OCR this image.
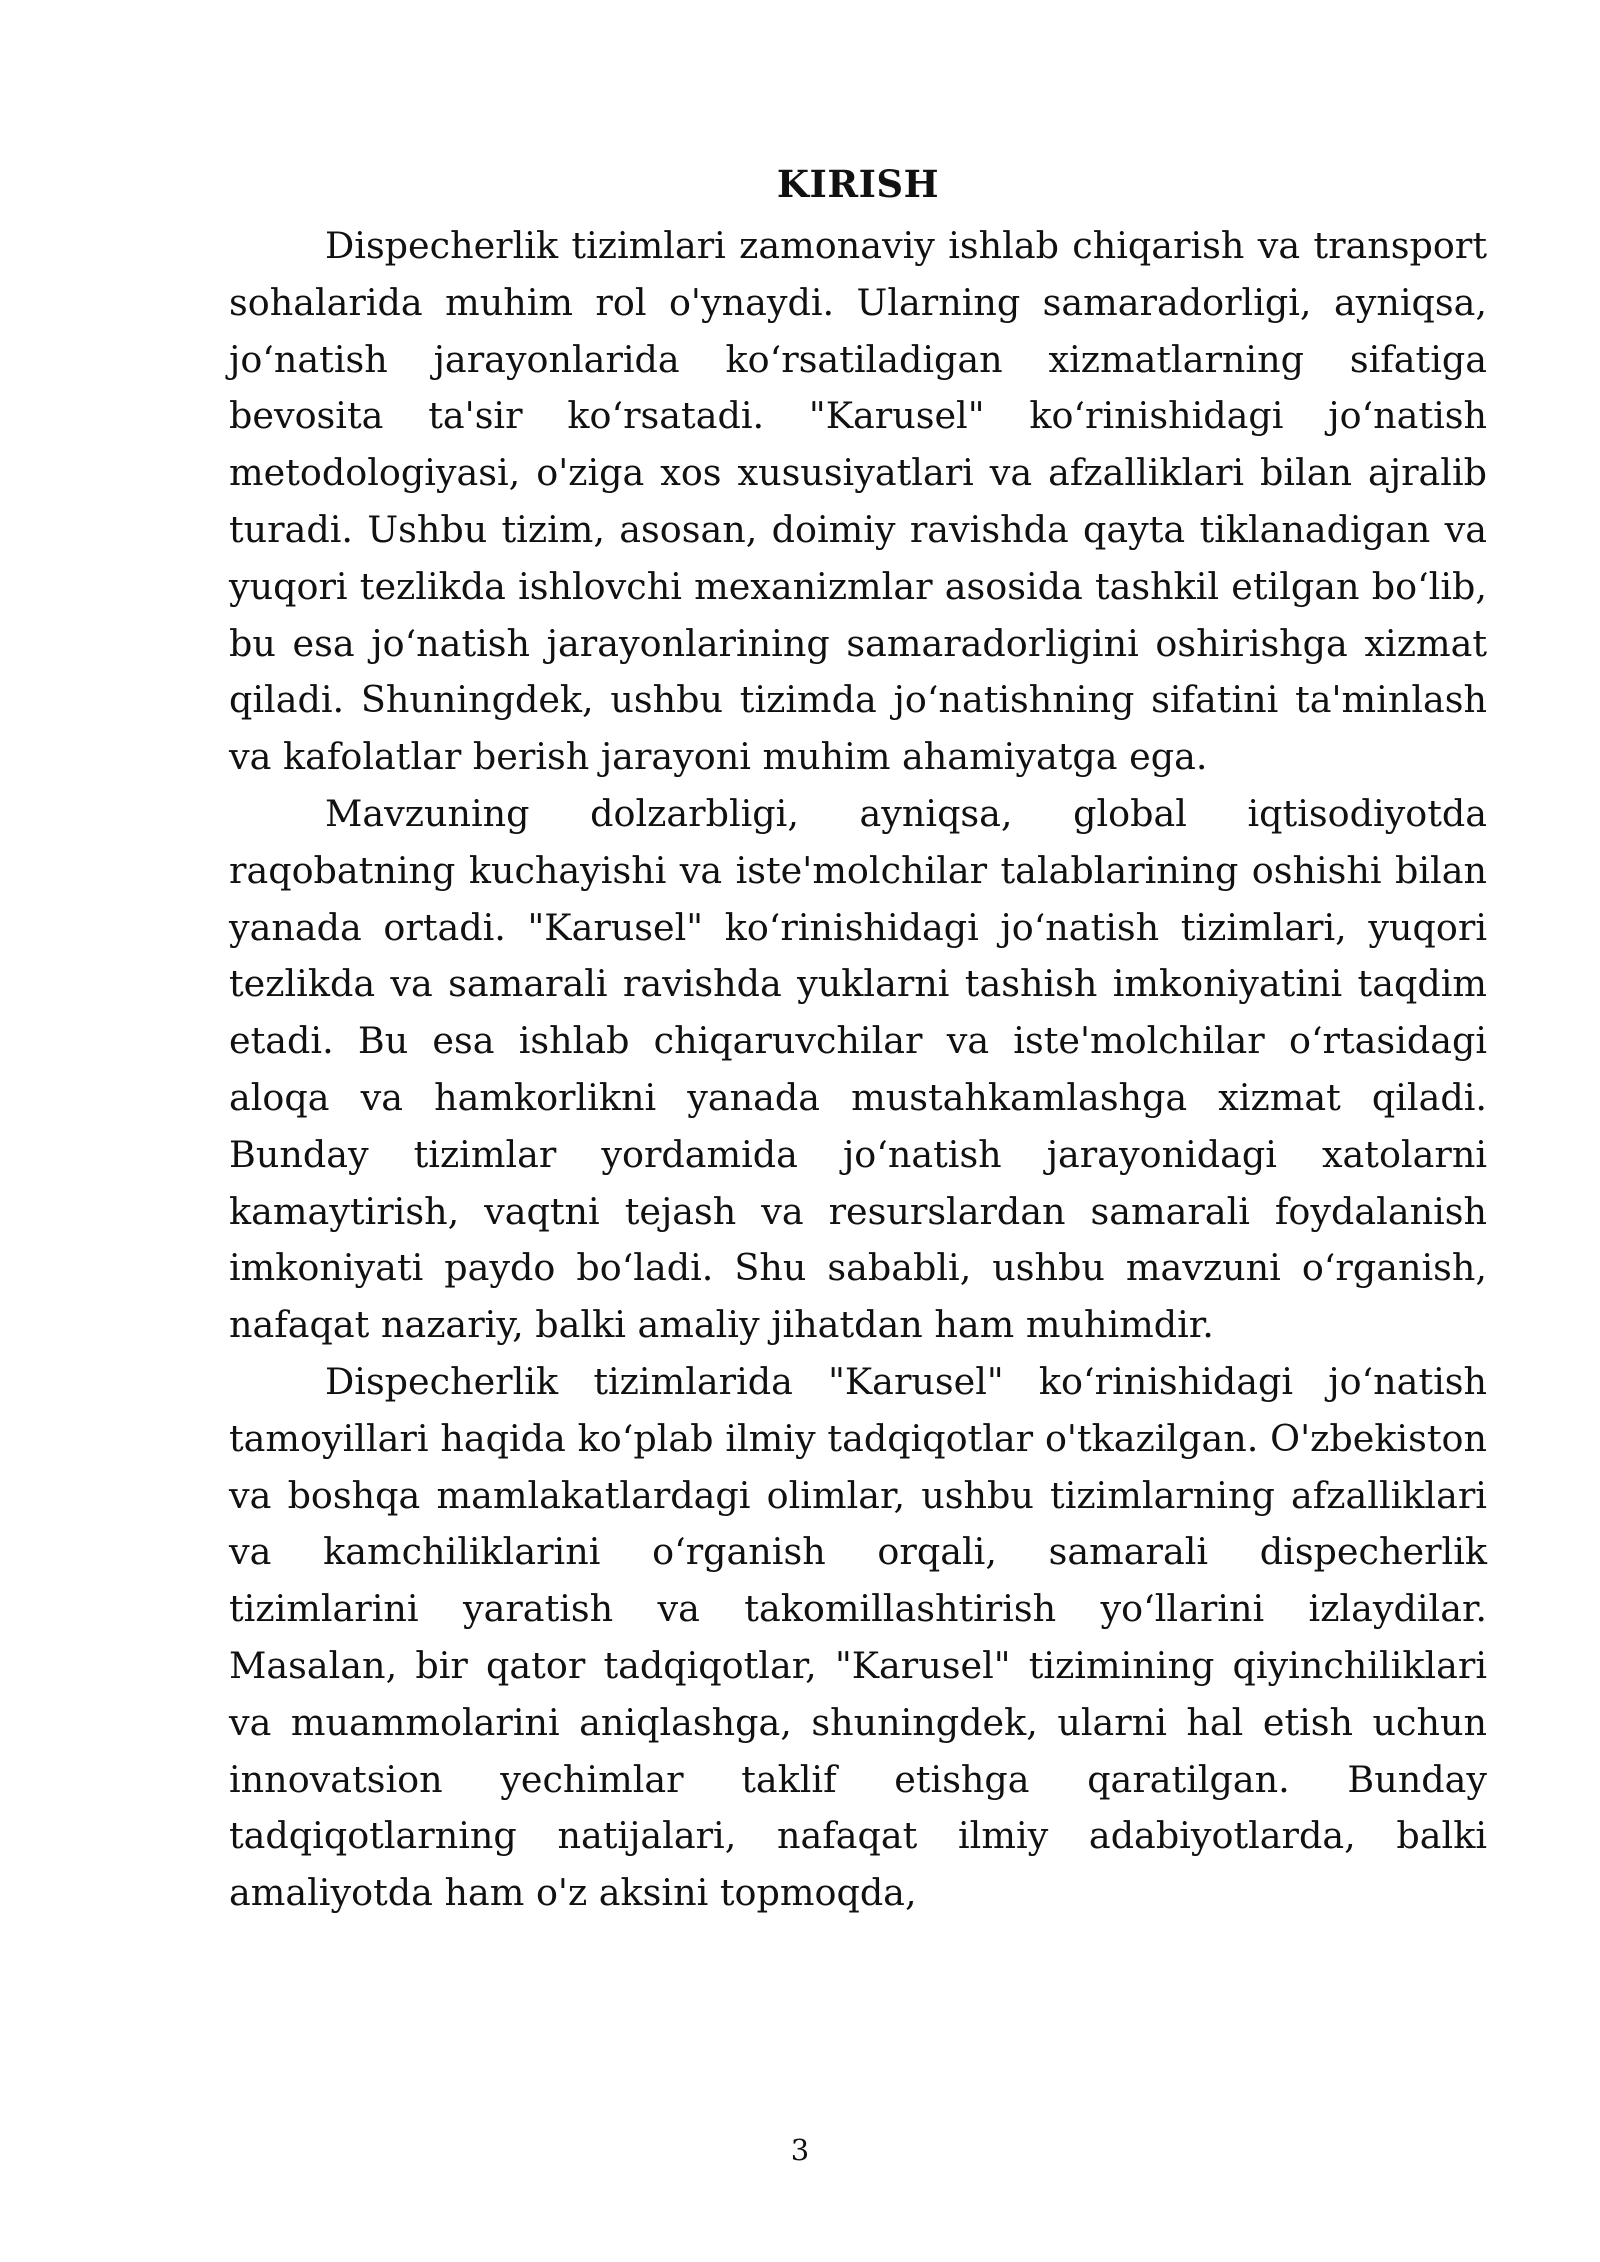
KIRISH

Dispecherlik tizimlari zamonaviy ishlab chiqarish va transport sohalarida muhim rol o'ynaydi. Ularning samaradorligi, ayniqsa, joʻnatish jarayonlarida koʻrsatiladigan xizmatlarning sifatiga bevosita ta'sir koʻrsatadi. "Karusel" koʻrinishidagi joʻnatish metodologiyasi, o'ziga xos xususiyatlari va afzalliklari bilan ajralib turadi. Ushbu tizim, asosan, doimiy ravishda qayta tiklanadigan va yuqori tezlikda ishlovchi mexanizmlar asosida tashkil etilgan boʻlib, bu esa joʻnatish jarayonlarining samaradorligini oshirishga xizmat qiladi. Shuningdek, ushbu tizimda joʻnatishning sifatini ta'minlash va kafolatlar berish jarayoni muhim ahamiyatga ega.

Mavzuning dolzarbligi, ayniqsa, global iqtisodiyotda raqobatning kuchayishi va iste'molchilar talablarining oshishi bilan yanada ortadi. "Karusel" koʻrinishidagi joʻnatish tizimlari, yuqori tezlikda va samarali ravishda yuklarni tashish imkoniyatini taqdim etadi. Bu esa ishlab chiqaruvchilar va iste'molchilar oʻrtasidagi aloqa va hamkorlikni yanada mustahkamlashga xizmat qiladi. Bunday tizimlar yordamida joʻnatish jarayonidagi xatolarni kamaytirish, vaqtni tejash va resurslardan samarali foydalanish imkoniyati paydo boʻladi. Shu sababli, ushbu mavzuni oʻrganish, nafaqat nazariy, balki amaliy jihatdan ham muhimdir.

Dispecherlik tizimlarida "Karusel" koʻrinishidagi joʻnatish tamoyillari haqida koʻplab ilmiy tadqiqotlar o'tkazilgan. O'zbekiston va boshqa mamlakatlardagi olimlar, ushbu tizimlarning afzalliklari va kamchiliklarini oʻrganish orqali, samarali dispecherlik tizimlarini yaratish va takomillashtirish yoʻllarini izlaydilar. Masalan, bir qator tadqiqotlar, "Karusel" tizimining qiyinchiliklari va muammolarini aniqlashga, shuningdek, ularni hal etish uchun innovatsion yechimlar taklif etishga qaratilgan. Bunday tadqiqotlarning natijalari, nafaqat ilmiy adabiyotlarda, balki amaliyotda ham o'z aksini topmoqda,

3
